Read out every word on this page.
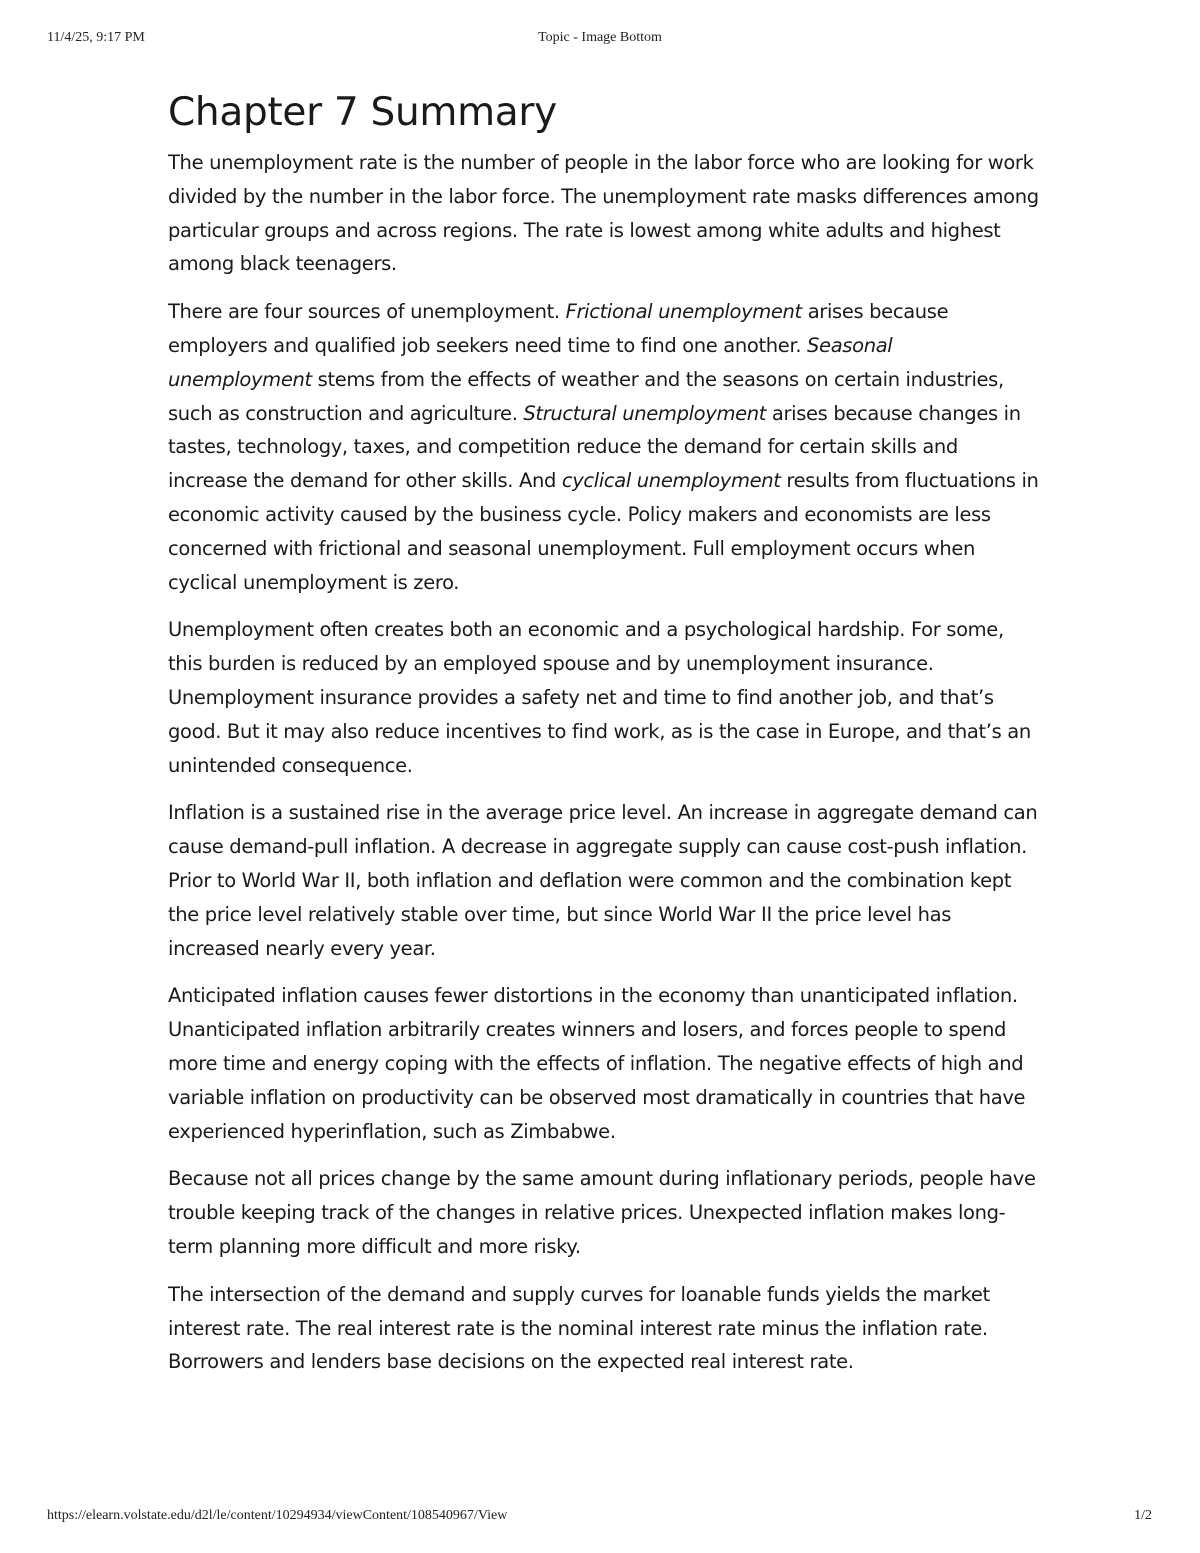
11/4/25, 9:17 PM	Topic - Image Bottom
Chapter 7 Summary

The unemployment rate is the number of people in the labor force who are looking for work divided by the number in the labor force. The unemployment rate masks differences among particular groups and across regions. The rate is lowest among white adults and highest among black teenagers.

There are four sources of unemployment. Frictional unemployment arises because employers and qualified job seekers need time to find one another. Seasonal unemployment stems from the effects of weather and the seasons on certain industries, such as construction and agriculture. Structural unemployment arises because changes in tastes, technology, taxes, and competition reduce the demand for certain skills and increase the demand for other skills. And cyclical unemployment results from fluctuations in economic activity caused by the business cycle. Policy makers and economists are less concerned with frictional and seasonal unemployment. Full employment occurs when cyclical unemployment is zero.

Unemployment often creates both an economic and a psychological hardship. For some, this burden is reduced by an employed spouse and by unemployment insurance. Unemployment insurance provides a safety net and time to find another job, and that’s good. But it may also reduce incentives to find work, as is the case in Europe, and that’s an unintended consequence.

Inflation is a sustained rise in the average price level. An increase in aggregate demand can cause demand-pull inflation. A decrease in aggregate supply can cause cost-push inflation. Prior to World War II, both inflation and deflation were common and the combination kept the price level relatively stable over time, but since World War II the price level has increased nearly every year.

Anticipated inflation causes fewer distortions in the economy than unanticipated inflation. Unanticipated inflation arbitrarily creates winners and losers, and forces people to spend more time and energy coping with the effects of inflation. The negative effects of high and variable inflation on productivity can be observed most dramatically in countries that have experienced hyperinflation, such as Zimbabwe.

Because not all prices change by the same amount during inflationary periods, people have trouble keeping track of the changes in relative prices. Unexpected inflation makes long-term planning more difficult and more risky.

The intersection of the demand and supply curves for loanable funds yields the market interest rate. The real interest rate is the nominal interest rate minus the inflation rate. Borrowers and lenders base decisions on the expected real interest rate.

https://elearn.volstate.edu/d2l/le/content/10294934/viewContent/108540967/View	1/2
